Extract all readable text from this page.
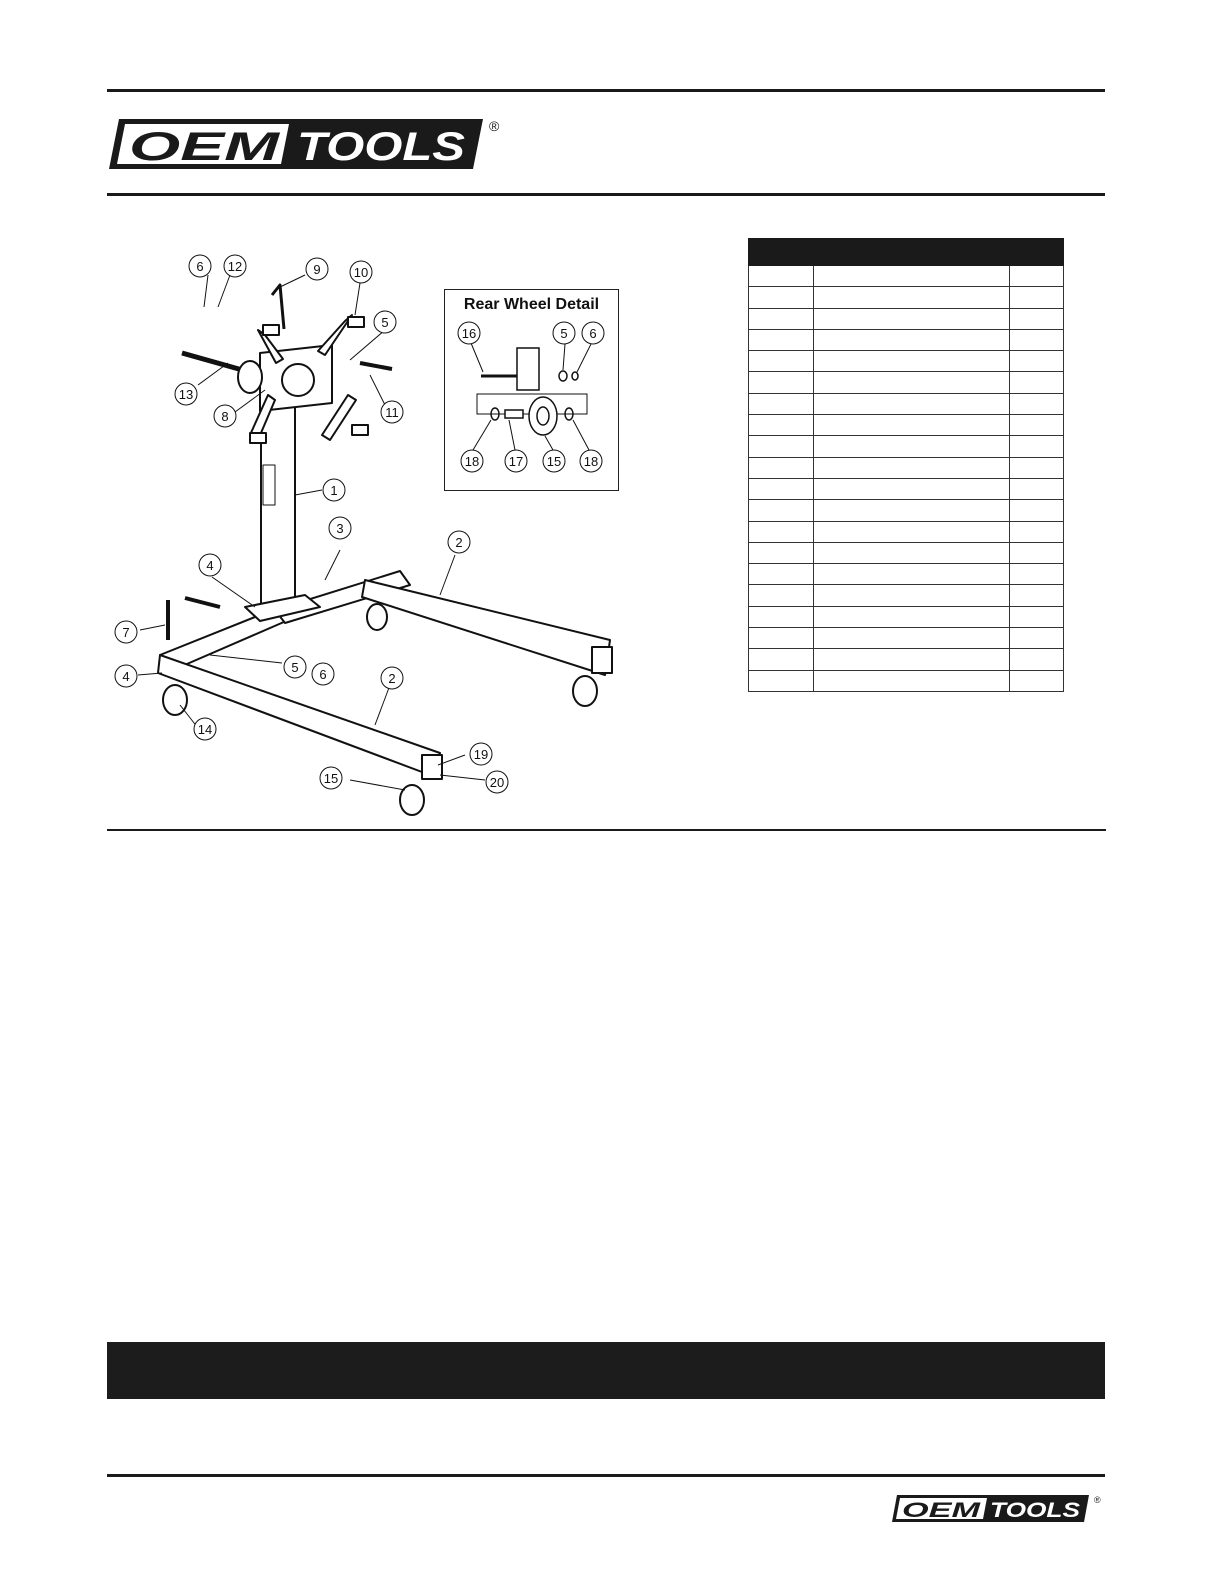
OEM TOOLS ®
6 12	9	10
5
13
8	11
1
3
2
4
7
5 6
4
14
2
19
15	20
Rear Wheel Detail
16	5 6
18 17 15 18

OEM TOOLS ®
